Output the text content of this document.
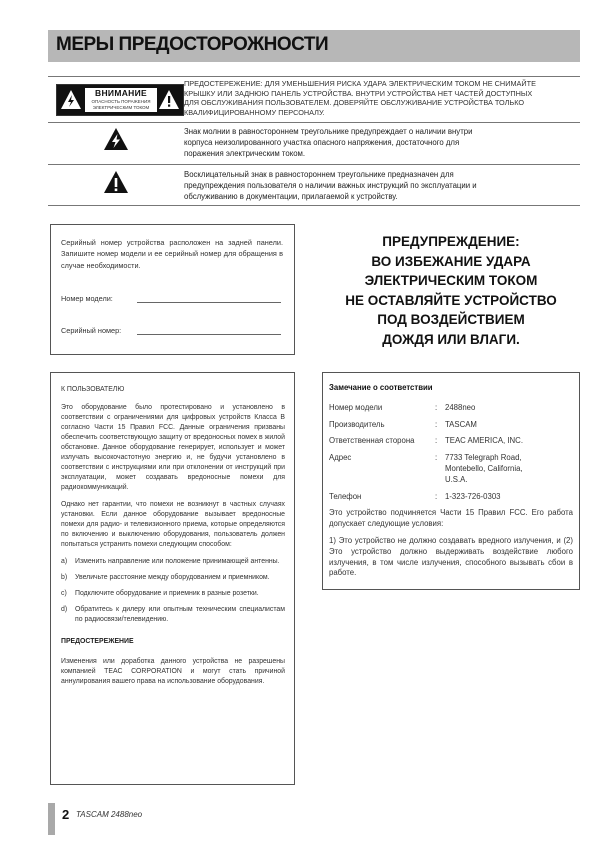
МЕРЫ ПРЕДОСТОРОЖНОСТИ
ВНИМАНИЕ
ОПАСНОСТЬ ПОРАЖЕНИЯ ЭЛЕКТРИЧЕСКИМ ТОКОМ
НЕ ОТКРЫВАТЬ
ПРЕДОСТЕРЕЖЕНИЕ: ДЛЯ УМЕНЬШЕНИЯ РИСКА УДАРА ЭЛЕКТРИЧЕСКИМ ТОКОМ НЕ СНИМАЙТЕ
КРЫШКУ ИЛИ ЗАДНЮЮ ПАНЕЛЬ УСТРОЙСТВА. ВНУТРИ УСТРОЙСТВА НЕТ ЧАСТЕЙ ДОСТУПНЫХ
ДЛЯ ОБСЛУЖИВАНИЯ ПОЛЬЗОВАТЕЛЕМ. ДОВЕРЯЙТЕ ОБСЛУЖИВАНИЕ УСТРОЙСТВА ТОЛЬКО
КВАЛИФИЦИРОВАННОМУ ПЕРСОНАЛУ.
Знак молнии в равностороннем треугольнике предупреждает о наличии внутри
корпуса неизолированного участка опасного напряжения, достаточного для
поражения электрическим током.
Восклицательный знак в равностороннем треугольнике предназначен для
предупреждения пользователя о наличии важных инструкций по эксплуатации и
обслуживанию в документации, прилагаемой к устройству.
Серийный номер устройства расположен на задней панели. Запишите номер модели и ее серийный номер для обращения в случае необходимости.
Номер модели:
Серийный номер:
ПРЕДУПРЕЖДЕНИЕ:
ВО ИЗБЕЖАНИЕ УДАРА
ЭЛЕКТРИЧЕСКИМ ТОКОМ
НЕ ОСТАВЛЯЙТЕ УСТРОЙСТВО
ПОД ВОЗДЕЙСТВИЕМ
ДОЖДЯ ИЛИ ВЛАГИ.

К ПОЛЬЗОВАТЕЛЮ

Это оборудование было протестировано и установлено в соответствии с ограничениями для цифровых устройств Класса B согласно Части 15 Правил FCC. Данные ограничения призваны обеспечить соответствующую защиту от вредоносных помех в жилой обстановке. Данное оборудование генерирует, использует и может излучать высокочастотную энергию и, не будучи установлено в соответствии с инструкциями или при отклонении от инструкций при эксплуатации, может создавать вредоносные помехи для радиокоммуникаций.

Однако нет гарантии, что помехи не возникнут в частных случаях установки. Если данное оборудование вызывает вредоносные помехи для радио- и телевизионного приема, которые определяются по включению и выключению оборудования, пользователь должен попытаться устранить помехи следующим способом:

a)	Изменить направление или положение принимающей антенны.
b)	Увеличьте расстояние между оборудованием и приемником.
c)	Подключите оборудование и приемник в разные розетки.
d)	Обратитесь к дилеру или опытным техническим специалистам по радиосвязи/телевидению.
ПРЕДОСТЕРЕЖЕНИЕ

Изменения или доработка данного устройства не разрешены компанией TEAC CORPORATION и могут стать причиной аннулирования вашего права на использование оборудования.

Замечание о соответствии
Номер модели	:	2488neo
Производитель	:	TASCAM
Ответственная сторона	:	TEAC AMERICA, INC.
Адрес	:	7733 Telegraph Road,
Montebello, California,
U.S.A.
Телефон	:	1-323-726-0303

Это устройство подчиняется Части 15 Правил FCC. Его работа допускает следующие условия:

1) Это устройство не должно создавать вредного излучения, и (2) Это устройство должно выдерживать воздействие любого излучения, в том числе излучения, способного вызывать сбои в работе.

2 TASCAM 2488neo
